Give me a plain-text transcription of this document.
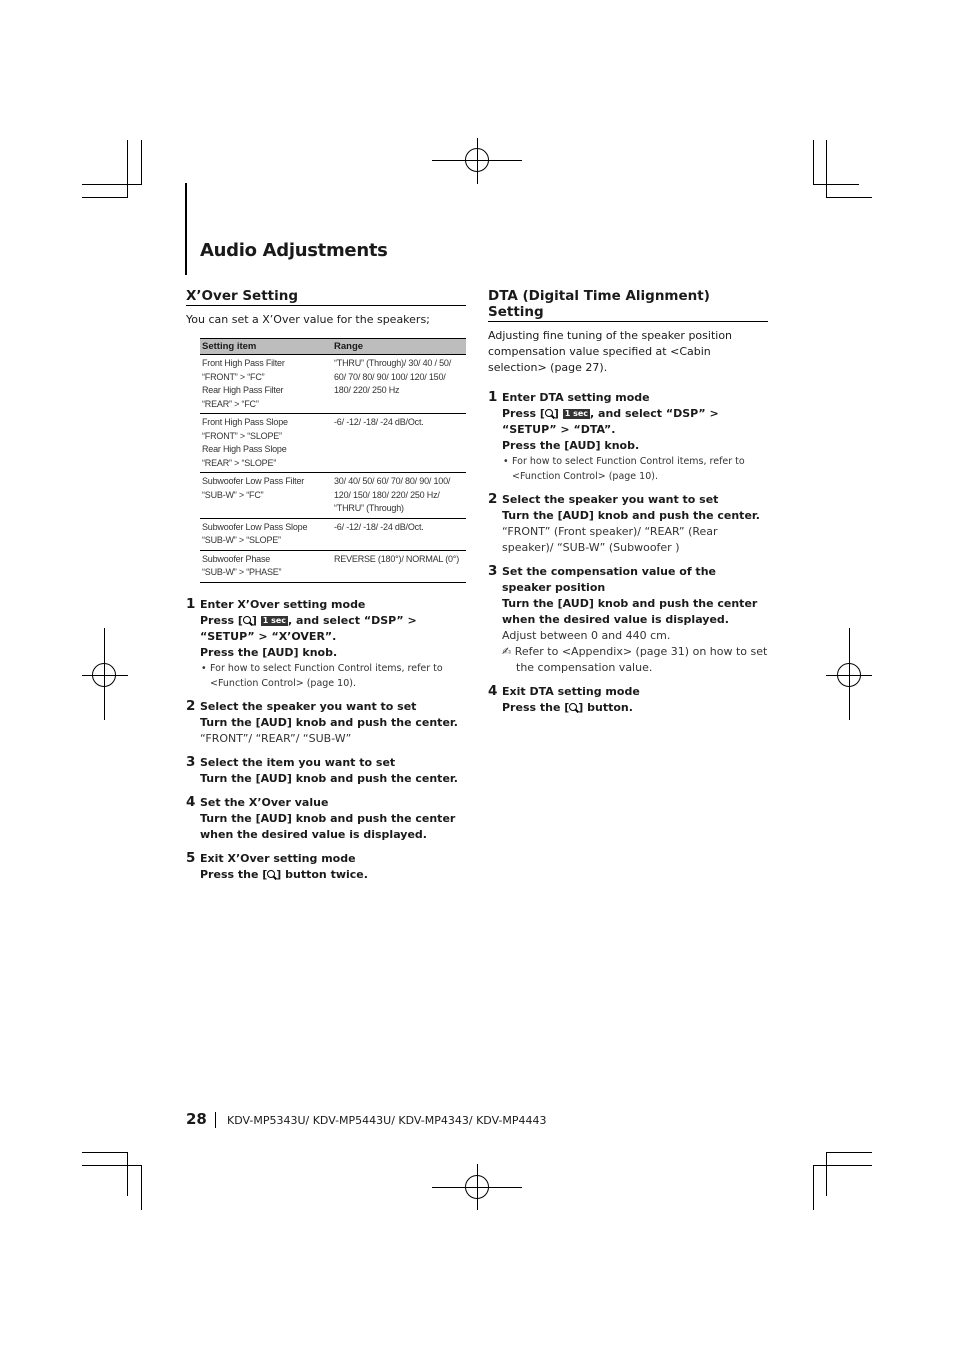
Audio Adjustments
X’Over Setting
You can set a X’Over value for the speakers;
Setting item	Range

Front High Pass Filter
“FRONT” > “FC”
Rear High Pass Filter
“REAR” > “FC”	“THRU” (Through)/ 30/ 40 / 50/ 60/ 70/ 80/ 90/ 100/ 120/ 150/ 180/ 220/ 250 Hz

Front High Pass Slope
“FRONT” > “SLOPE”
Rear High Pass Slope
“REAR” > “SLOPE”	-6/ -12/ -18/ -24 dB/Oct.

Subwoofer Low Pass Filter
“SUB-W” > “FC”	30/ 40/ 50/ 60/ 70/ 80/ 90/ 100/ 120/ 150/ 180/ 220/ 250 Hz/ “THRU” (Through)

Subwoofer Low Pass Slope
“SUB-W” > “SLOPE”	-6/ -12/ -18/ -24 dB/Oct.

Subwoofer Phase
“SUB-W” > “PHASE”	REVERSE (180°)/ NORMAL (0°)
1 Enter X’Over setting mode
Press [ ] 1 sec , and select “DSP” > “SETUP” > “X’OVER”.
Press the [AUD] knob.
• For how to select Function Control items, refer to <Function Control> (page 10).
2 Select the speaker you want to set
Turn the [AUD] knob and push the center.
“FRONT”/ “REAR”/ “SUB-W”
3 Select the item you want to set
Turn the [AUD] knob and push the center.
4 Set the X’Over value
Turn the [AUD] knob and push the center when the desired value is displayed.
5 Exit X’Over setting mode
Press the [ ] button twice.
DTA (Digital Time Alignment) Setting
Adjusting fine tuning of the speaker position compensation value specified at <Cabin selection> (page 27).
1 Enter DTA setting mode
Press [ ] 1 sec , and select “DSP” > “SETUP” > “DTA”.
Press the [AUD] knob.
• For how to select Function Control items, refer to <Function Control> (page 10).
2 Select the speaker you want to set
Turn the [AUD] knob and push the center.
“FRONT” (Front speaker)/ “REAR” (Rear speaker)/ “SUB-W” (Subwoofer )
3 Set the compensation value of the speaker position
Turn the [AUD] knob and push the center when the desired value is displayed.
Adjust between 0 and 440 cm.
✍ Refer to <Appendix> (page 31) on how to set the compensation value.
4 Exit DTA setting mode
Press the [ ] button.
28 KDV-MP5343U/ KDV-MP5443U/ KDV-MP4343/ KDV-MP4443
